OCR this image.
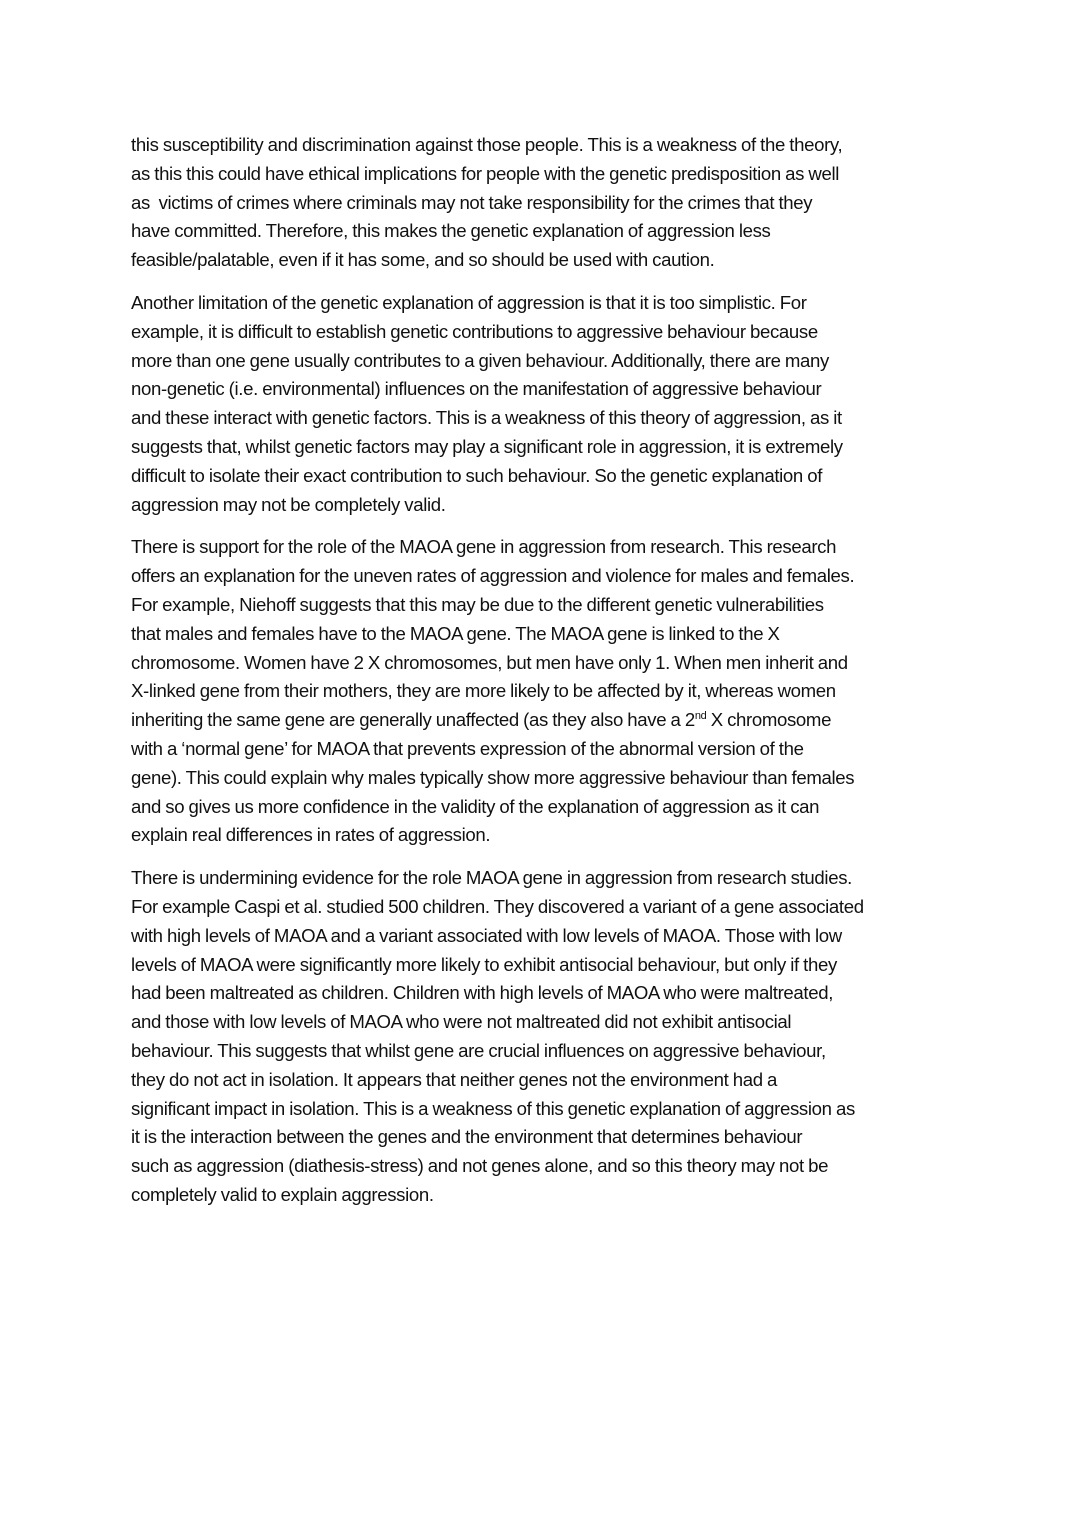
this susceptibility and discrimination against those people. This is a weakness of the theory,
as this this could have ethical implications for people with the genetic predisposition as well
as  victims of crimes where criminals may not take responsibility for the crimes that they
have committed. Therefore, this makes the genetic explanation of aggression less
feasible/palatable, even if it has some, and so should be used with caution.

Another limitation of the genetic explanation of aggression is that it is too simplistic. For
example, it is difficult to establish genetic contributions to aggressive behaviour because
more than one gene usually contributes to a given behaviour. Additionally, there are many
non-genetic (i.e. environmental) influences on the manifestation of aggressive behaviour
and these interact with genetic factors. This is a weakness of this theory of aggression, as it
suggests that, whilst genetic factors may play a significant role in aggression, it is extremely
difficult to isolate their exact contribution to such behaviour. So the genetic explanation of
aggression may not be completely valid.

There is support for the role of the MAOA gene in aggression from research. This research
offers an explanation for the uneven rates of aggression and violence for males and females.
For example, Niehoff suggests that this may be due to the different genetic vulnerabilities
that males and females have to the MAOA gene. The MAOA gene is linked to the X
chromosome. Women have 2 X chromosomes, but men have only 1. When men inherit and
X-linked gene from their mothers, they are more likely to be affected by it, whereas women
inheriting the same gene are generally unaffected (as they also have a 2nd X chromosome
with a ‘normal gene’ for MAOA that prevents expression of the abnormal version of the
gene). This could explain why males typically show more aggressive behaviour than females
and so gives us more confidence in the validity of the explanation of aggression as it can
explain real differences in rates of aggression.

There is undermining evidence for the role MAOA gene in aggression from research studies.
For example Caspi et al. studied 500 children. They discovered a variant of a gene associated
with high levels of MAOA and a variant associated with low levels of MAOA. Those with low
levels of MAOA were significantly more likely to exhibit antisocial behaviour, but only if they
had been maltreated as children. Children with high levels of MAOA who were maltreated,
and those with low levels of MAOA who were not maltreated did not exhibit antisocial
behaviour. This suggests that whilst gene are crucial influences on aggressive behaviour,
they do not act in isolation. It appears that neither genes not the environment had a
significant impact in isolation. This is a weakness of this genetic explanation of aggression as
it is the interaction between the genes and the environment that determines behaviour
such as aggression (diathesis-stress) and not genes alone, and so this theory may not be
completely valid to explain aggression.
